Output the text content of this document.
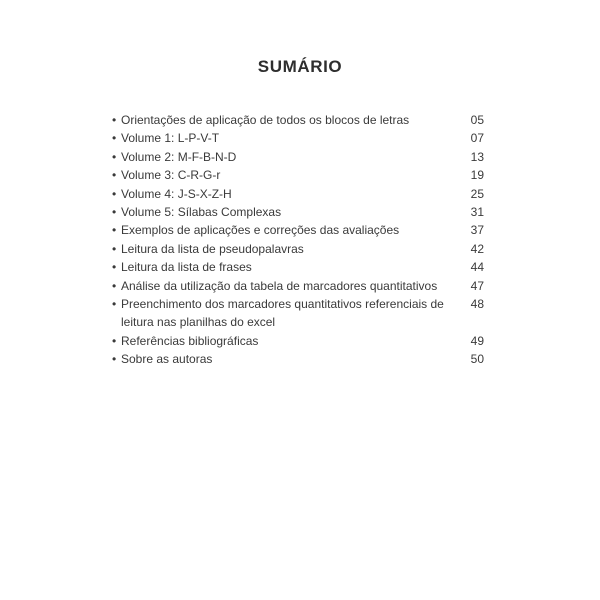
SUMÁRIO
• Orientações de aplicação de todos os blocos de letras	05
• Volume 1: L-P-V-T	07
• Volume 2: M-F-B-N-D	13
• Volume 3: C-R-G-r	19
• Volume 4: J-S-X-Z-H	25
• Volume 5: Sílabas Complexas	31
• Exemplos de aplicações e correções das avaliações	37
• Leitura da lista de pseudopalavras	42
• Leitura da lista de frases	44
• Análise da utilização da tabela de marcadores quantitativos	47
• Preenchimento dos marcadores quantitativos referenciais de	48
leitura nas planilhas do excel
• Referências bibliográficas	49
• Sobre as autoras	50
